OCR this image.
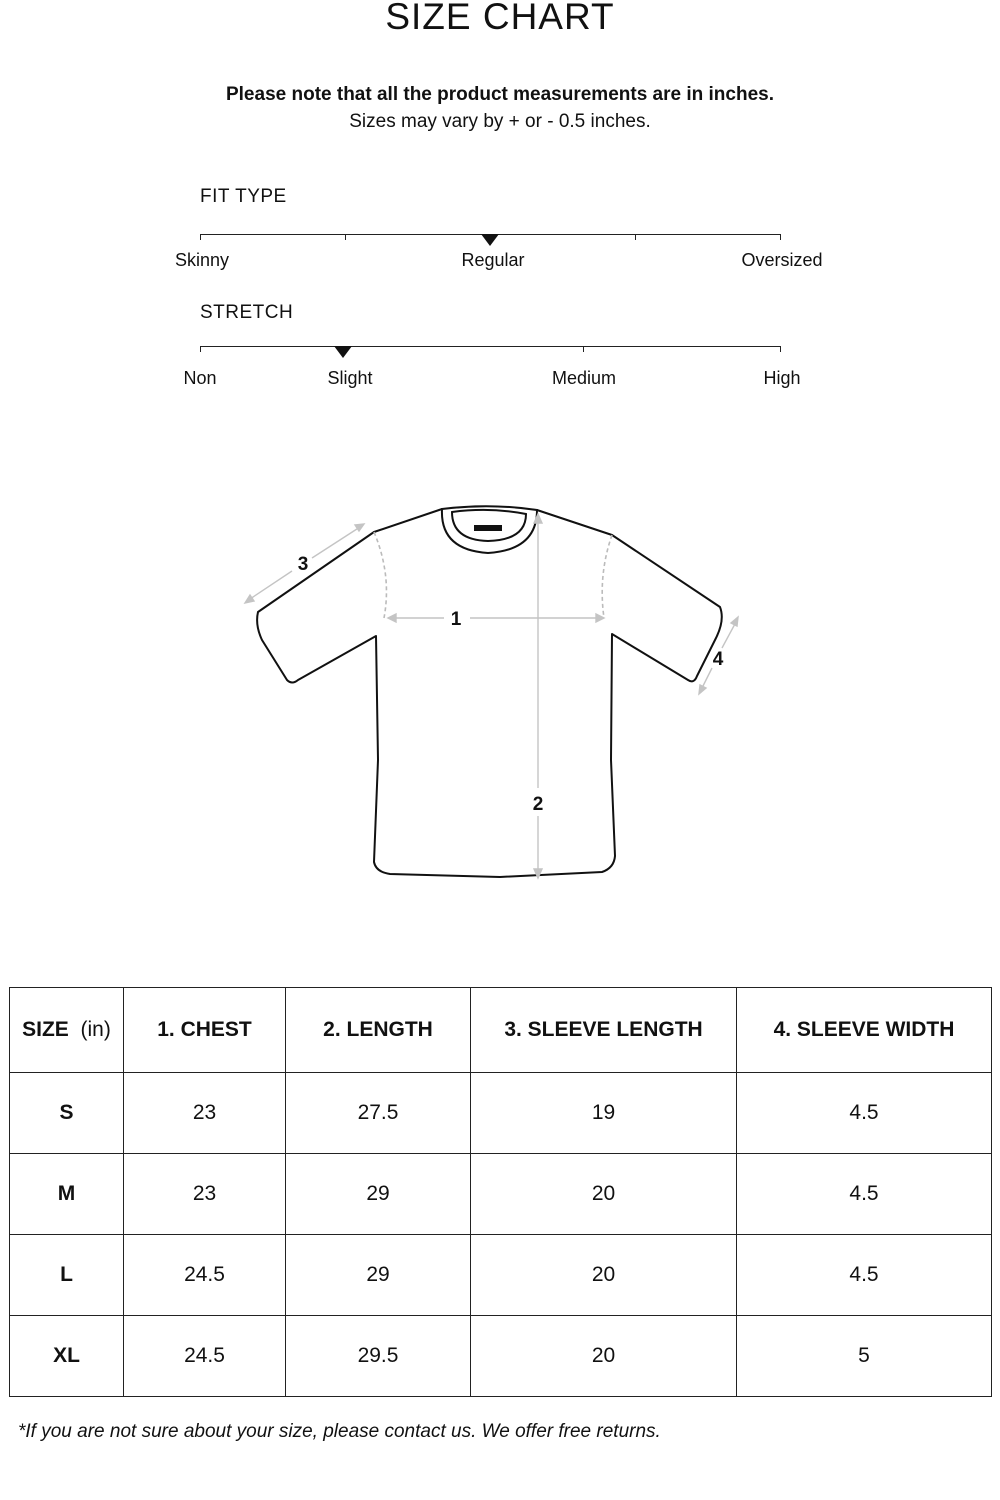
SIZE CHART
Please note that all the product measurements are in inches.
Sizes may vary by + or - 0.5 inches.
FIT TYPE
Skinny	Regular	Oversized
STRETCH
Non	Slight	Medium	High
1
2
3
4
SIZE (in)	1. CHEST	2. LENGTH	3. SLEEVE LENGTH	4. SLEEVE WIDTH
S	23	27.5	19	4.5
M	23	29	20	4.5
L	24.5	29	20	4.5
XL	24.5	29.5	20	5
*If you are not sure about your size, please contact us. We offer free returns.
